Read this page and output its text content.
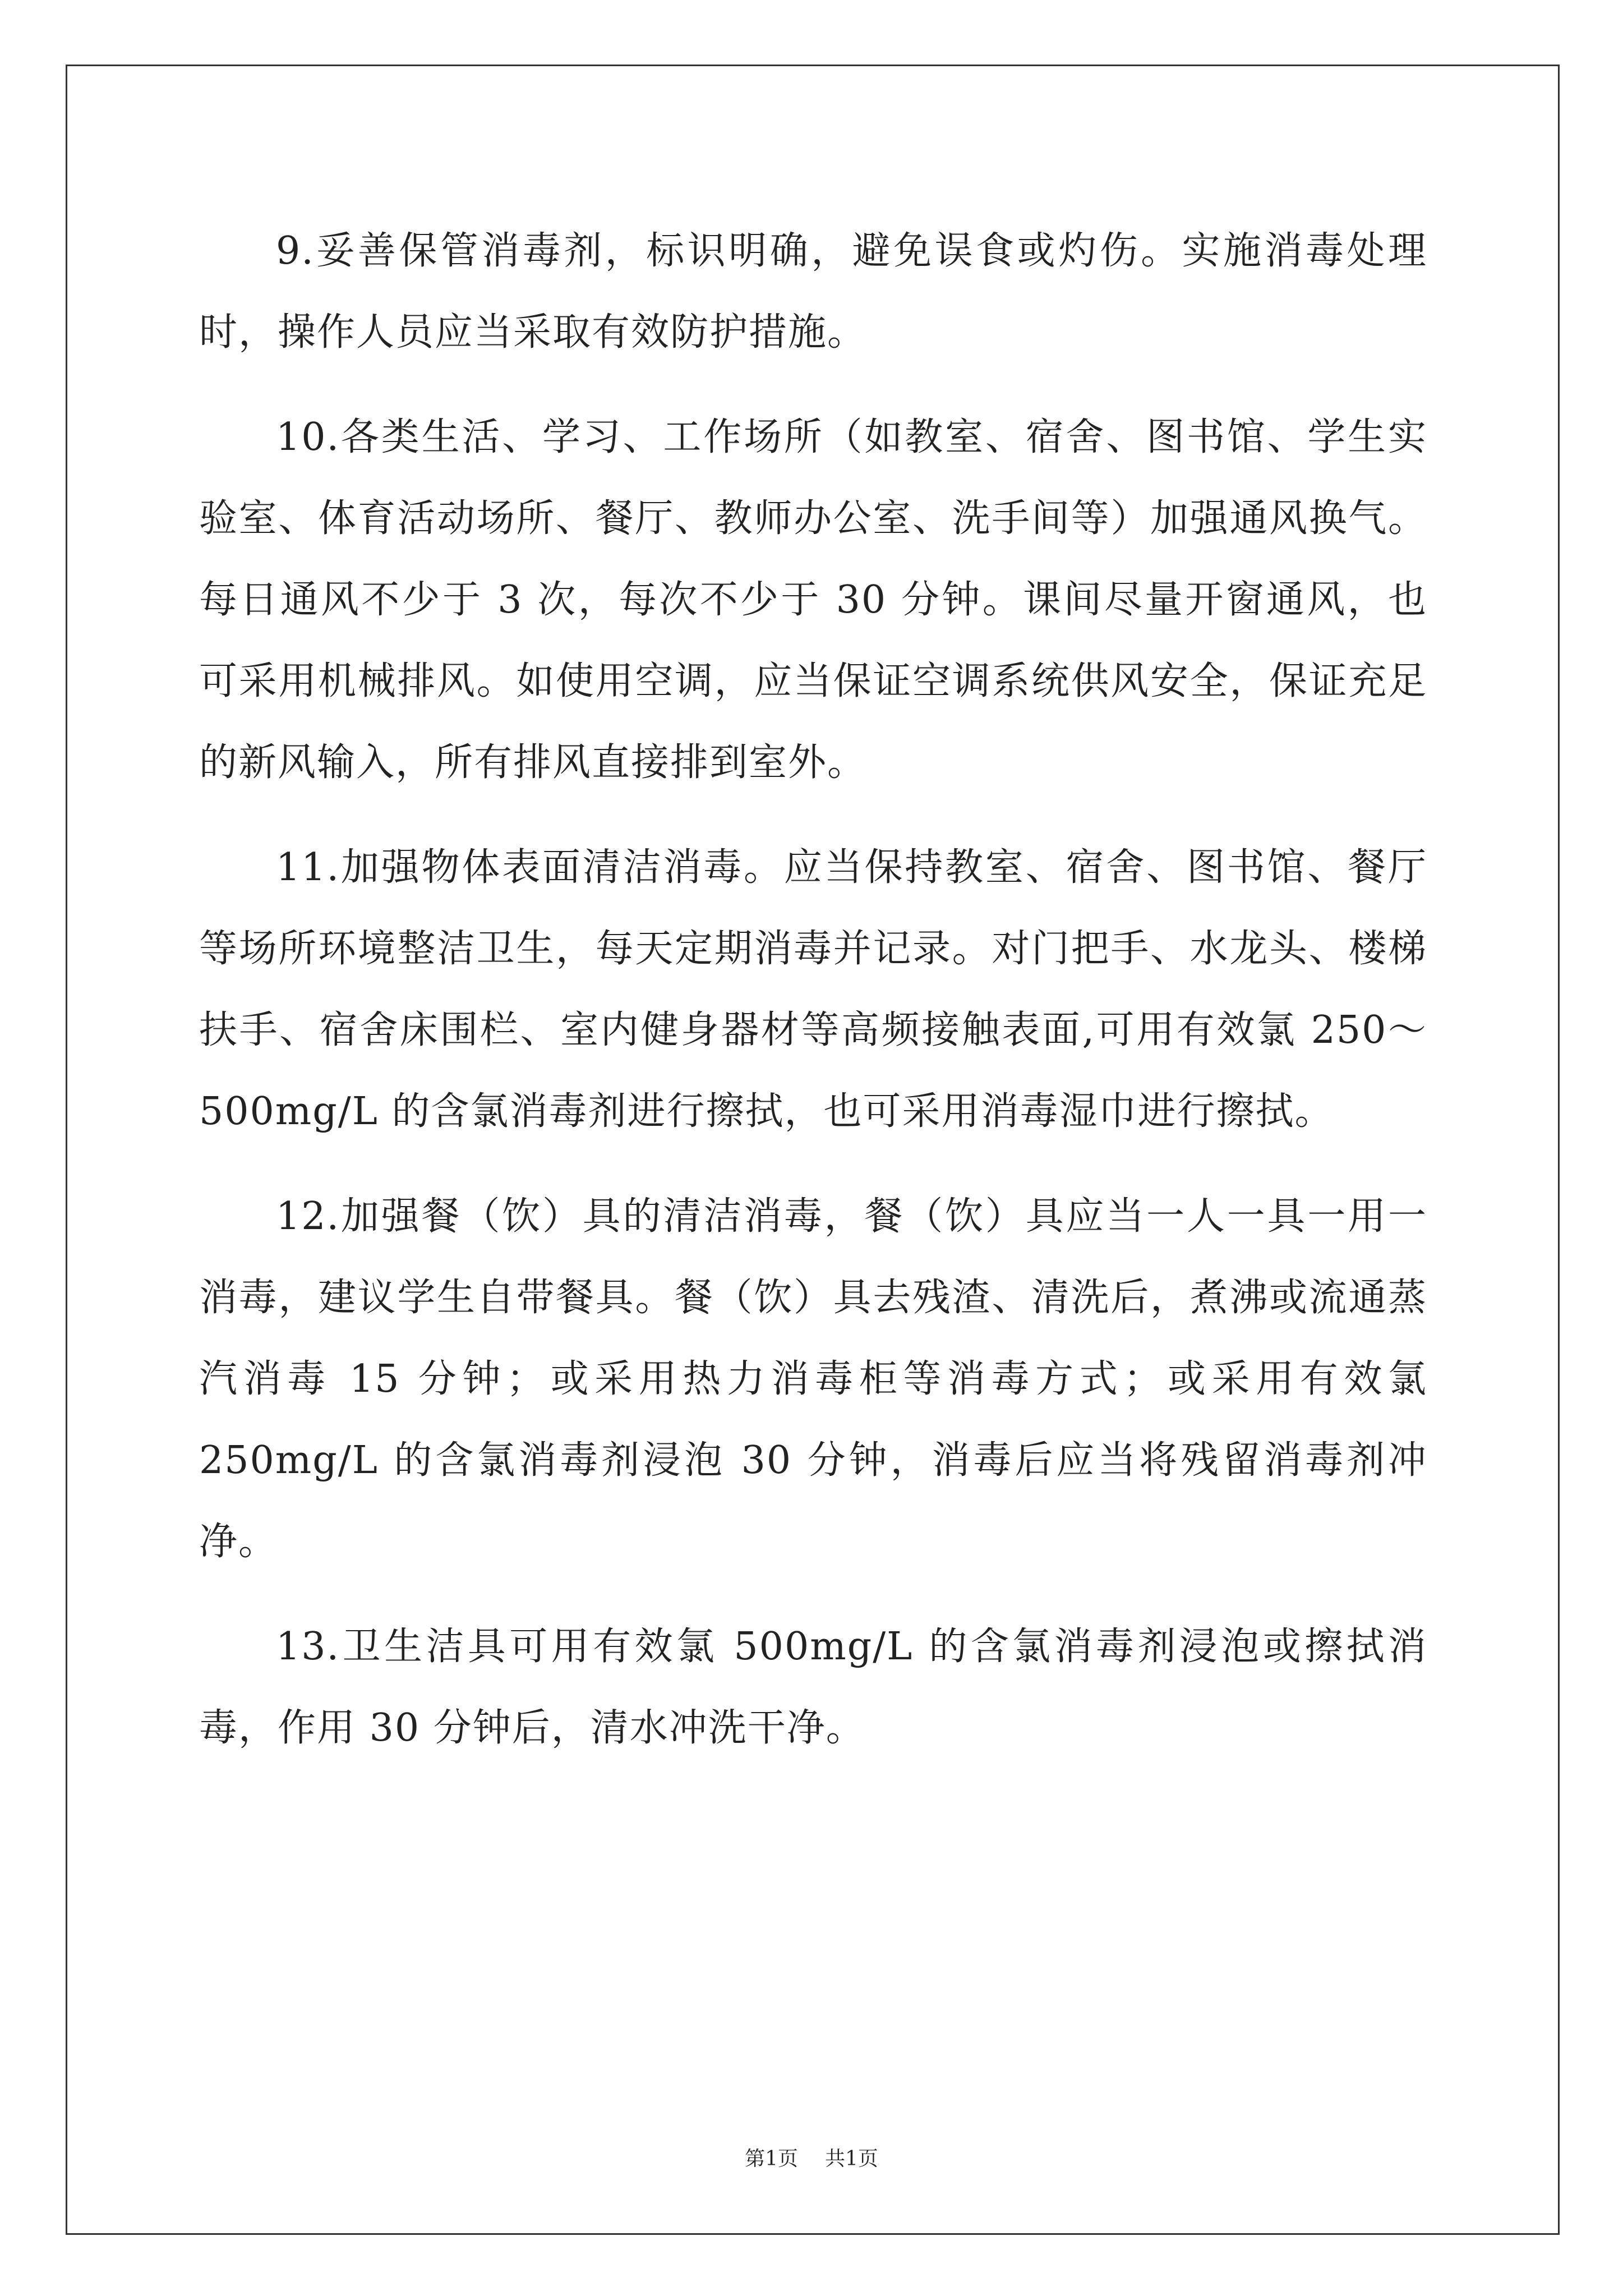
9.妥善保管消毒剂，标识明确，避免误食或灼伤。实施消毒处理时，操作人员应当采取有效防护措施。

10.各类生活、学习、工作场所（如教室、宿舍、图书馆、学生实验室、体育活动场所、餐厅、教师办公室、洗手间等）加强通风换气。每日通风不少于 3 次，每次不少于 30 分钟。课间尽量开窗通风，也可采用机械排风。如使用空调，应当保证空调系统供风安全，保证充足的新风输入，所有排风直接排到室外。

11.加强物体表面清洁消毒。应当保持教室、宿舍、图书馆、餐厅等场所环境整洁卫生，每天定期消毒并记录。对门把手、水龙头、楼梯扶手、宿舍床围栏、室内健身器材等高频接触表面,可用有效氯 250～500mg/L 的含氯消毒剂进行擦拭，也可采用消毒湿巾进行擦拭。

12.加强餐（饮）具的清洁消毒，餐（饮）具应当一人一具一用一消毒，建议学生自带餐具。餐（饮）具去残渣、清洗后，煮沸或流通蒸汽消毒 15 分钟；或采用热力消毒柜等消毒方式；或采用有效氯 250mg/L 的含氯消毒剂浸泡 30 分钟，消毒后应当将残留消毒剂冲净。

13.卫生洁具可用有效氯 500mg/L 的含氯消毒剂浸泡或擦拭消毒，作用 30 分钟后，清水冲洗干净。

第1页 共1页
